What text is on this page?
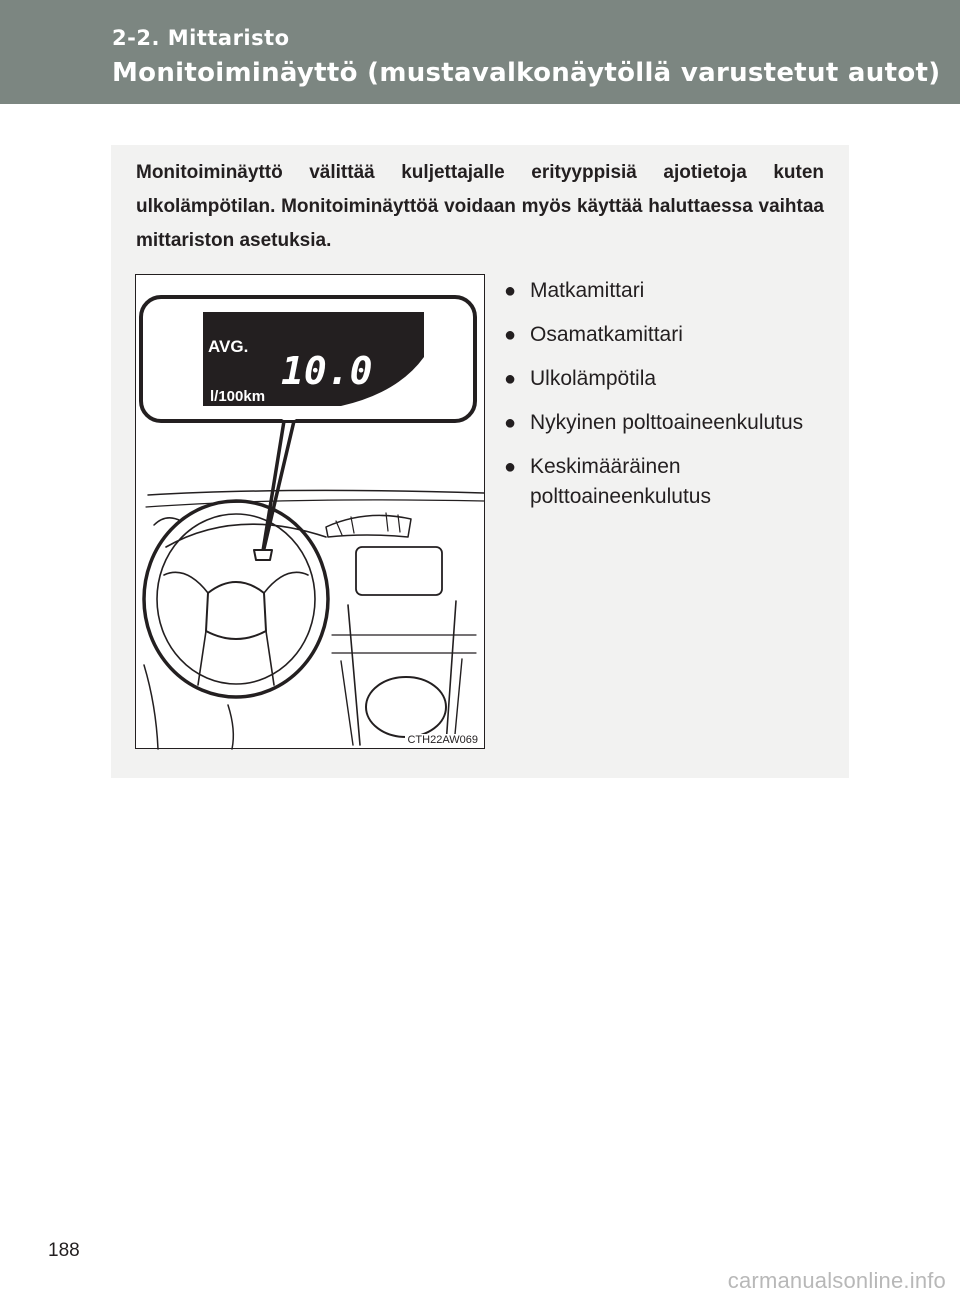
2-2. Mittaristo
Monitoiminäyttö (mustavalkonäytöllä varustetut autot)

Monitoiminäyttö välittää kuljettajalle erityyppisiä ajotietoja kuten ulkolämpötilan. Monitoiminäyttöä voidaan myös käyttää haluttaessa vaihtaa mittariston asetuksia.

AVG.
10.0
l/100km
CTH22AW069
● Matkamittari
● Osamatkamittari
● Ulkolämpötila
● Nykyinen polttoaineenkulutus
● Keskimääräinen polttoaineenkulutus
188
carmanualsonline.info
